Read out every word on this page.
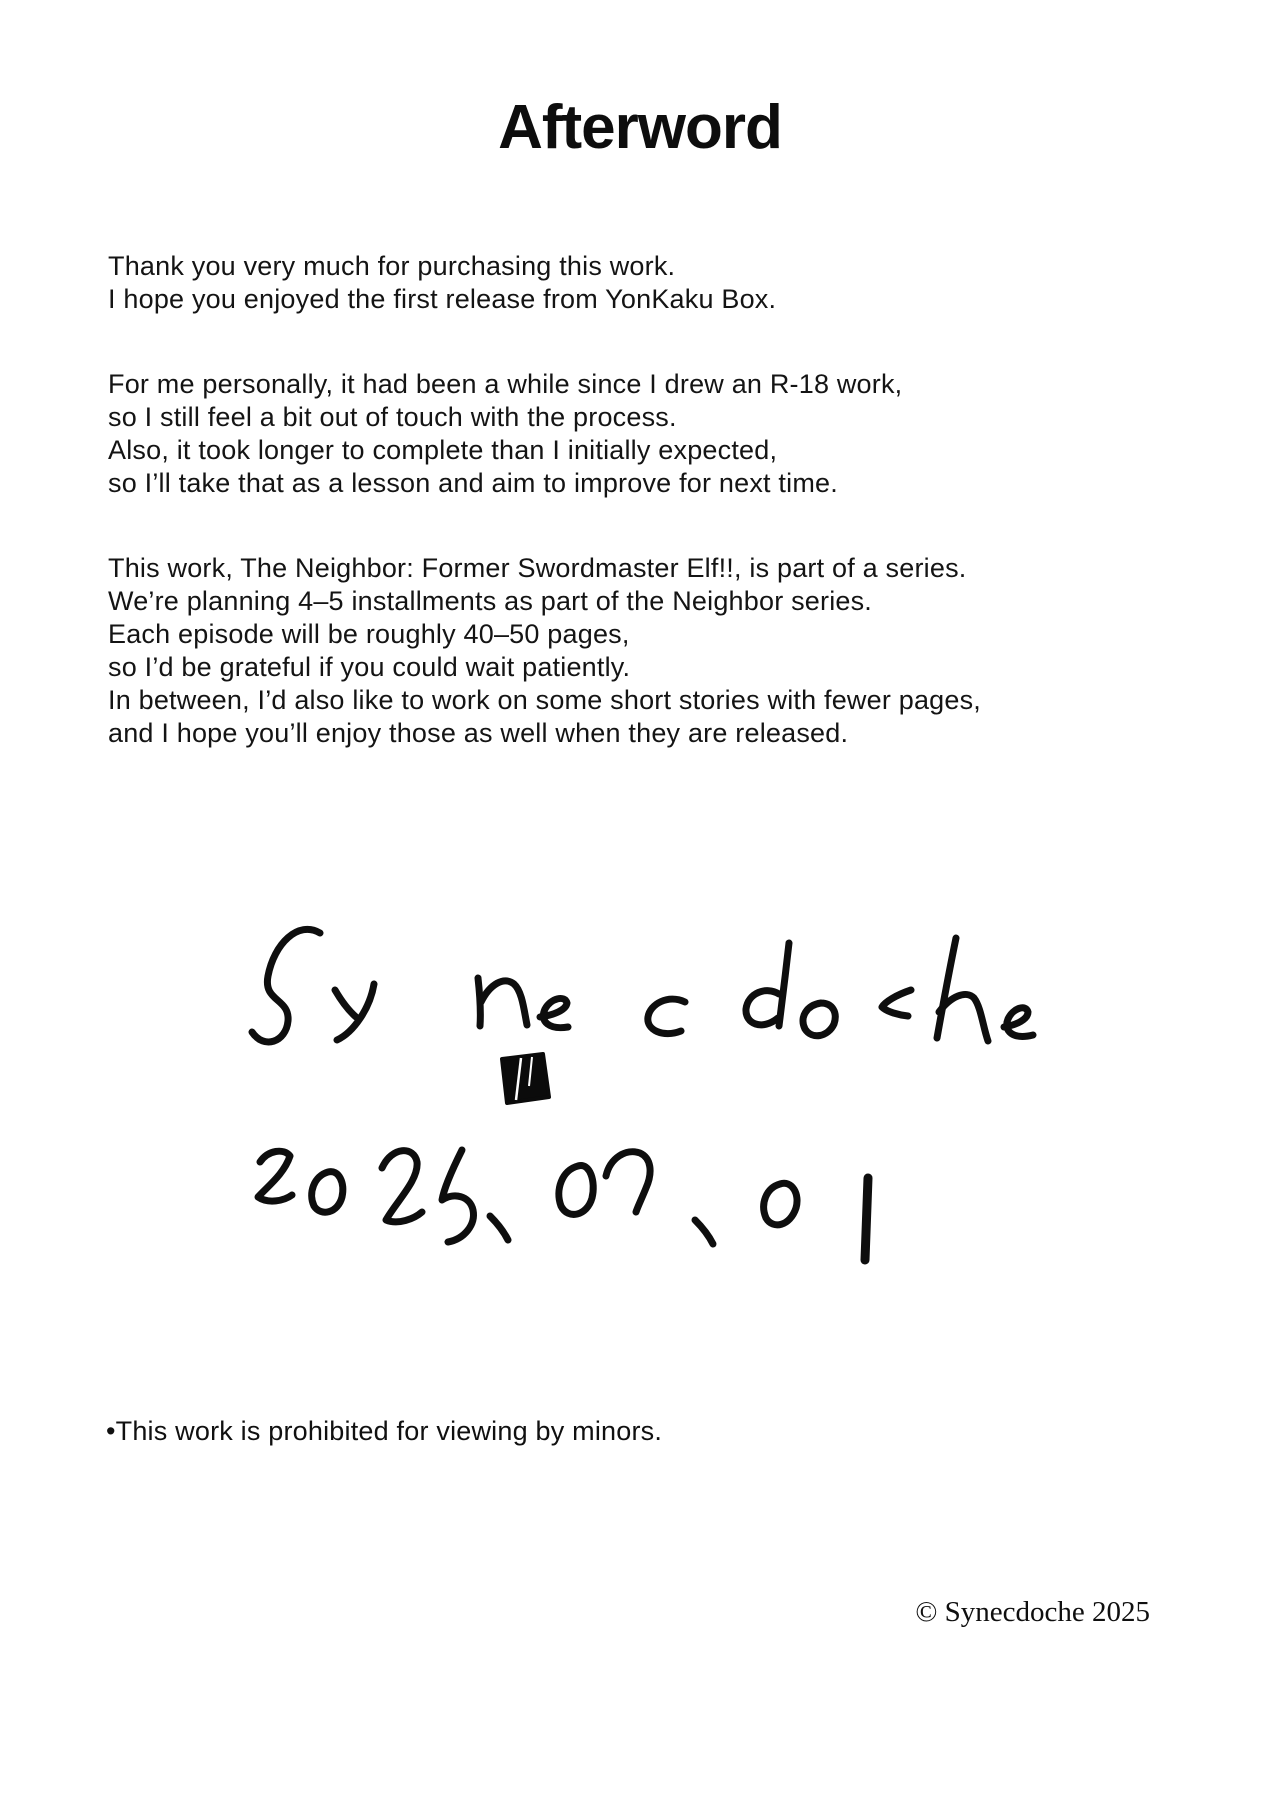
Afterword
Thank you very much for purchasing this work.
I hope you enjoyed the first release from YonKaku Box.
For me personally, it had been a while since I drew an R-18 work,
so I still feel a bit out of touch with the process.
Also, it took longer to complete than I initially expected,
so I’ll take that as a lesson and aim to improve for next time.
This work, The Neighbor: Former Swordmaster Elf!!, is part of a series.
We’re planning 4–5 installments as part of the Neighbor series.
Each episode will be roughly 40–50 pages,
so I’d be grateful if you could wait patiently.
In between, I’d also like to work on some short stories with fewer pages,
and I hope you’ll enjoy those as well when they are released.
•This work is prohibited for viewing by minors.
© Synecdoche 2025
